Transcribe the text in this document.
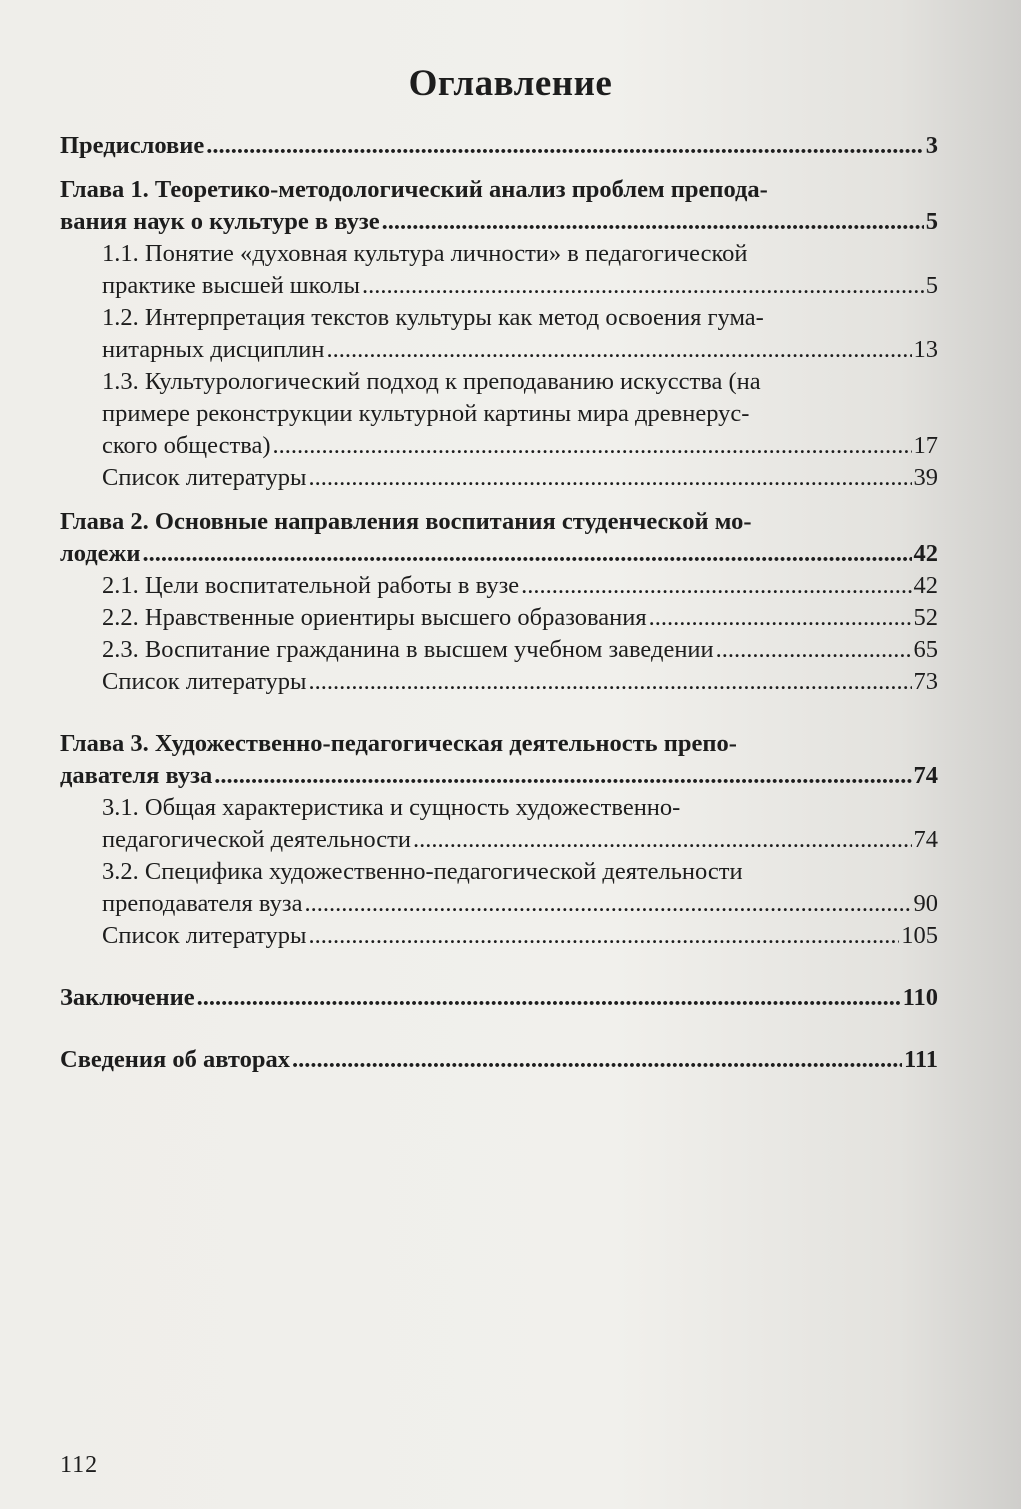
Оглавление
Предисловие .....	3
Глава 1. Теоретико-методологический анализ проблем препода-
вания наук о культуре в вузе .....	5
1.1. Понятие «духовная культура личности» в педагогической
практике высшей школы .....	5
1.2. Интерпретация текстов культуры как метод освоения гума-
нитарных дисциплин .....	13
1.3. Культурологический подход к преподаванию искусства (на
примере реконструкции культурной картины мира древнерус-
ского общества) .....	17
Список литературы .....	39
Глава 2. Основные направления воспитания студенческой мо-
лодежи .....	42
2.1. Цели воспитательной работы в вузе .....	42
2.2. Нравственные ориентиры высшего образования .....	52
2.3. Воспитание гражданина в высшем учебном заведении .....	65
Список литературы .....	73
Глава 3. Художественно-педагогическая деятельность препо-
давателя вуза .....	74
3.1. Общая характеристика и сущность художественно-
педагогической деятельности .....	74
3.2. Специфика художественно-педагогической деятельности
преподавателя вуза .....	90
Список литературы .....	105
Заключение .....	110
Сведения об авторах .....	111
112
